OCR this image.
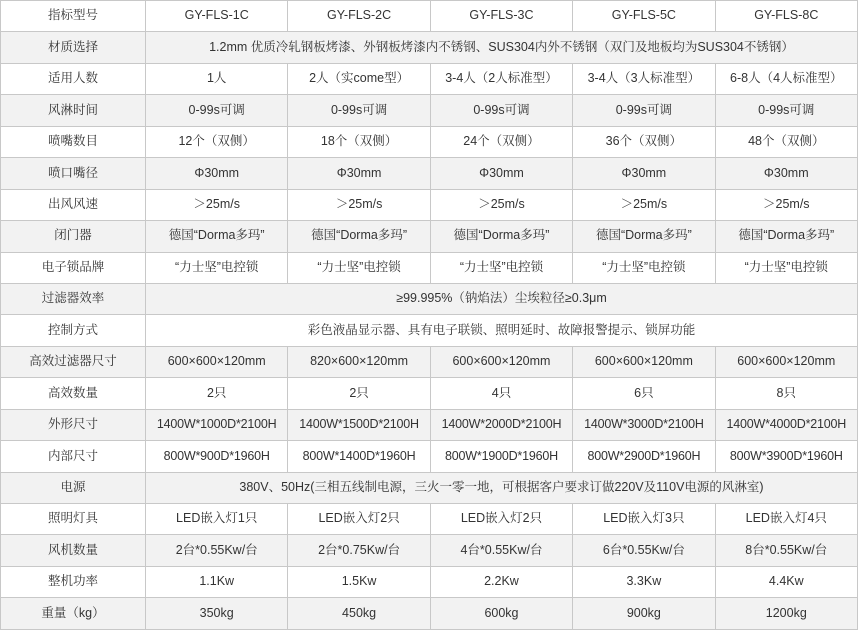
指标型号	GY-FLS-1C	GY-FLS-2C	GY-FLS-3C	GY-FLS-5C	GY-FLS-8C
材质选择	1.2mm 优质冷轧钢板烤漆、外钢板烤漆内不锈钢、SUS304内外不锈钢（双门及地板均为SUS304不锈钢）				
适用人数	1人	2人（实come型）	3-4人（2人标准型）	3-4人（3人标准型）	6-8人（4人标准型）
风淋时间	0-99s可调	0-99s可调	0-99s可调	0-99s可调	0-99s可调
喷嘴数目	12个（双侧）	18个（双侧）	24个（双侧）	36个（双侧）	48个（双侧）
喷口嘴径	Φ30mm	Φ30mm	Φ30mm	Φ30mm	Φ30mm
出风风速	＞25m/s	＞25m/s	＞25m/s	＞25m/s	＞25m/s
闭门器	德国“Dorma多玛”	德国“Dorma多玛”	德国“Dorma多玛”	德国“Dorma多玛”	德国“Dorma多玛”
电子锁品牌	“力士坚”电控锁	“力士坚”电控锁	“力士坚”电控锁	“力士坚”电控锁	“力士坚”电控锁
过滤器效率	≥99.995%（钠焰法）尘埃粒径≥0.3μm				
控制方式	彩色液晶显示器、具有电子联锁、照明延时、故障报警提示、锁屏功能				
高效过滤器尺寸	600×600×120mm	820×600×120mm	600×600×120mm	600×600×120mm	600×600×120mm
高效数量	2只	2只	4只	6只	8只
外形尺寸	1400W*1000D*2100H	1400W*1500D*2100H	1400W*2000D*2100H	1400W*3000D*2100H	1400W*4000D*2100H
内部尺寸	800W*900D*1960H	800W*1400D*1960H	800W*1900D*1960H	800W*2900D*1960H	800W*3900D*1960H
电源	380V、50Hz(三相五线制电源，三火一零一地，可根据客户要求订做220V及110V电源的风淋室)				
照明灯具	LED嵌入灯1只	LED嵌入灯2只	LED嵌入灯2只	LED嵌入灯3只	LED嵌入灯4只
风机数量	2台*0.55Kw/台	2台*0.75Kw/台	4台*0.55Kw/台	6台*0.55Kw/台	8台*0.55Kw/台
整机功率	1.1Kw	1.5Kw	2.2Kw	3.3Kw	4.4Kw
重量（kg）	350kg	450kg	600kg	900kg	1200kg
